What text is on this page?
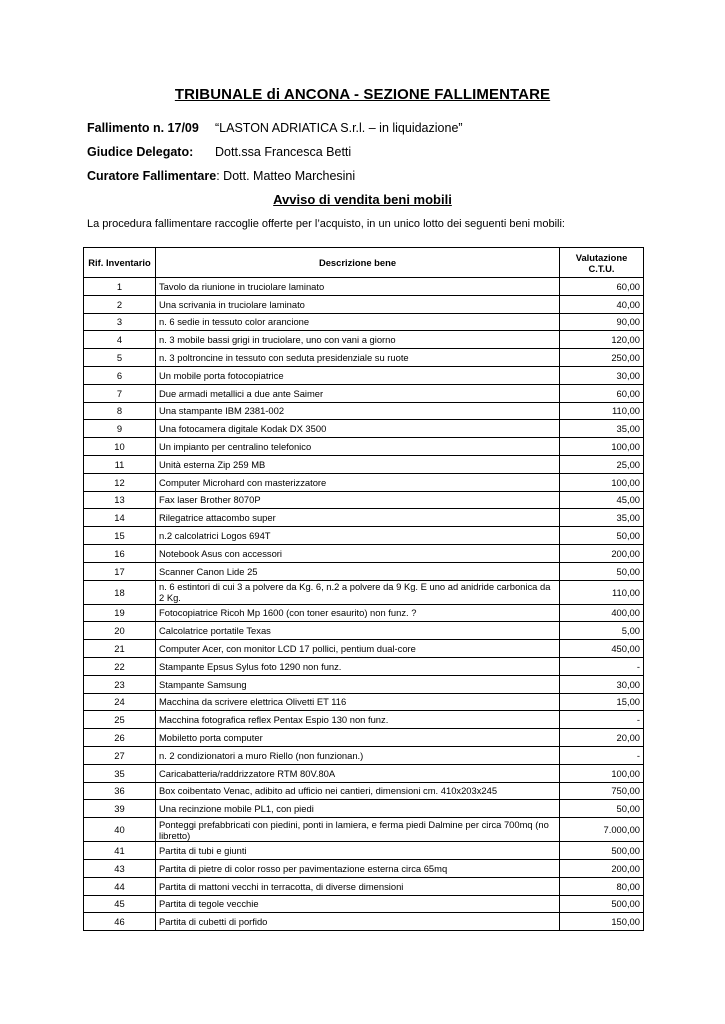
TRIBUNALE di ANCONA - SEZIONE FALLIMENTARE
Fallimento n. 17/09 “LASTON ADRIATICA S.r.l. – in liquidazione”
Giudice Delegato: Dott.ssa Francesca Betti
Curatore Fallimentare: Dott. Matteo Marchesini
Avviso di vendita beni mobili
La procedura fallimentare raccoglie offerte per l’acquisto, in un unico lotto dei seguenti beni mobili:
Rif. Inventario	Descrizione bene	Valutazione C.T.U.
1	Tavolo da riunione in truciolare laminato	60,00
2	Una scrivania in truciolare laminato	40,00
3	n. 6 sedie in tessuto color arancione	90,00
4	n. 3 mobile bassi grigi in truciolare, uno con vani a giorno	120,00
5	n. 3 poltroncine in tessuto con seduta presidenziale su ruote	250,00
6	Un mobile porta fotocopiatrice	30,00
7	Due armadi metallici a due ante Saimer	60,00
8	Una stampante IBM 2381-002	110,00
9	Una fotocamera digitale Kodak DX 3500	35,00
10	Un impianto per centralino telefonico	100,00
11	Unità esterna Zip 259 MB	25,00
12	Computer Microhard con masterizzatore	100,00
13	Fax laser Brother 8070P	45,00
14	Rilegatrice attacombo super	35,00
15	n.2 calcolatrici Logos 694T	50,00
16	Notebook Asus con accessori	200,00
17	Scanner Canon Lide 25	50,00
18	n. 6 estintori di cui 3 a polvere da Kg. 6, n.2 a polvere da 9 Kg. E uno ad anidride carbonica da 2 Kg.	110,00
19	Fotocopiatrice Ricoh Mp 1600 (con toner esaurito) non funz. ?	400,00
20	Calcolatrice portatile Texas	5,00
21	Computer Acer, con monitor LCD 17 pollici, pentium dual-core	450,00
22	Stampante Epsus Sylus foto 1290 non funz.	-
23	Stampante Samsung	30,00
24	Macchina da scrivere elettrica Olivetti ET 116	15,00
25	Macchina fotografica reflex Pentax Espio 130 non funz.	-
26	Mobiletto porta computer	20,00
27	n. 2 condizionatori a muro Riello (non funzionan.)	-
35	Caricabatteria/raddrizzatore RTM 80V.80A	100,00
36	Box coibentato Venac, adibito ad ufficio nei cantieri, dimensioni cm. 410x203x245	750,00
39	Una recinzione mobile PL1, con piedi	50,00
40	Ponteggi prefabbricati con piedini, ponti in lamiera, e ferma piedi Dalmine per circa 700mq (no libretto)	7.000,00
41	Partita di tubi e giunti	500,00
43	Partita di pietre di color rosso per pavimentazione esterna circa 65mq	200,00
44	Partita di mattoni vecchi in terracotta, di diverse dimensioni	80,00
45	Partita di tegole vecchie	500,00
46	Partita di cubetti di porfido	150,00
